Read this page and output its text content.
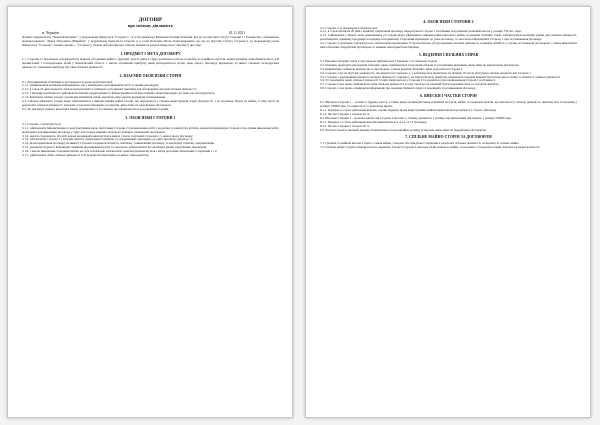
ДОГОВІР
про спільну діяльність
м. Чернігів	01.11.2021

Дочірнє підприємство "Чернігівзапсервіс", у подальшому іменується "Сторона 1", в особі директора Мамченко Розани Олегівни, яка діє на підставі Статуту Сторони 1 і Товариство з обмеженою відповідальністю "Декор Петровича (Юкрейн)", у подальшому іменується Сторона 2, в особі Кальчина Петра Олександровича, що діє на підставі Статуту Сторони 2, (в подальшому разом іменуються "Сторони", а кожна окремо – "Сторона"), уклали цей Договір про спільну діяльність (надалі іменується "Договір") про таке:

1. ПРЕДМЕТ І МЕТА ДОГОВОРУ

1.1. Сторони за Договором зобов'язуються шляхом об'єднання майна і трудових зусиль діяти в сфері дозвільної роботи, розробки та надійного вугілля, користуванням і виробництва його для промислових і господарських цілей у Чернігівській області, з метою отримання прибутку, який розподіляється згідно умов даного Договору, відповідно до вимог спільної господарської діяльності, отримання прибутку від такої спільної діяльності.

2. ВЗАЄМНІ ОБОВ'ЯЗКИ СТОРІН

2.1. Для виконання обов'язків за Договором Сторони зобов'язуються:

2.1.1. обмінюватися взаємною інформацією, що є необхідною для виконання робіт за даним договором;

2.1.2. в строк 10 днів провести спільні консультації та семінари з узгодженої тематики для обговорення деталей спільної діяльності;

2.1.3. у випадку необхідності здійснювати взаємне кредитування та фінансування на безвідсотковій основі відповідно до умов, що погоджуються;

2.1.4. визначати спільні заходи з реалізації намічених цілей, надавати один одному відповідні повноваження.

2.2. Спільна діяльність Сторін може здійснюватися з використанням майна Сторін, що передається у спільне користування згідно Додатку № 1 до Договору. Права на майно, в тому числі на результати спільної діяльності, належать Сторонам відповідно до внесків, якщо інше не передбачено Договором.

2.3. До Договору можуть вноситися зміни, доповнення та уточнення, що оформлюються додатковими угодами.

3. ОБОВ'ЯЗКИ СТОРОНИ 1

3.1. Сторона 1 зобов'язується:

3.1.1. здійснювати інформування та консультування щодо підготовки Сторони 2 для виконання робіт з розробки та видобутку вугілля, надавати інформацію Стороні 2 про умови виконання робіт, необхідних для виконання Договору, у тому числі щодо наявних запасів на ділянках, визначених Договором;

3.1.2. надати сторонам по 10 робіт кожна на використання вугілля в межах сторін, залучених Сторони 2, у межах цього Договору;

3.1.3. забезпечити Сторону 2 у власних коштах спеціальною технікою та обладнанням, відповідно до умов Договору (Додаток 1);

3.1.4. після підписання Договору на вимогу Сторони 2 надавати звітність, пов'язану з виконанням Договору, та необхідну технічну документацію.

3.1.5. надавати Стороні 2 відповідне сприяння при виконанні робіт та своєчасно забезпечувати всі необхідні умови, передбачені Договором;

3.1.6. з метою виконання сторонами взятих на себе зобов'язань забезпечити транспортування вугілля з місць розробки, визначених Сторонами 1 і 2;

3.1.7. здійснювати облік спільної діяльності та її результатів відповідно до вимог законодавства.

4. ОБОВ'ЯЗКИ СТОРОНИ 2

4.1. Сторона 2 за Договором зобов'язується:

4.1.1. в строк протягом 20 днів з моменту підписання Договору перерахувати Стороні 1 платіжним дорученням грошовий внесок у розмірі 750 тис. євро.

4.1.2. здійснювати у межах своїх повноважень усі заходи щодо ефективного використання внесеного майна та ведення спільних справ, забезпечувати необхідні умови для спільної діяльності, реалізовувати отриману продукцію в порядку, погодженому Сторонами відповідно до умов Договору, та своєчасно інформувати Сторону 1 про хід виконання Договору.

4.2. Сторона 2 додатково зобов'язується: забезпечити перевезення та бухгалтерське обслуговування спільної діяльності, надавати звітність у строки, встановлені Договором, а також виконувати інші обов'язки, передбачені Договором та чинним законодавством України.

5. ВЕДЕННЯ СПІЛЬНИХ СПРАВ

5.1. Ведення спільних справ за Договором здійснюється Стороною 2 за спільною згодою.

5.2. Рішення, необхідні для ведення спільних справ, приймаються Сторонами спільно за узгодженим рішенням, якщо інше не передбачено Договором.

5.3. Керівництво спільною діяльністю за Договором, а також ведення спільних справ доручається Стороні 2.

5.4. Сторона 2 діє на підставі довіреності, що видається Стороною 1, і зобов'язується щомісячно не пізніше 10 числа наступного місяця надавати звіт Стороні 1.

5.5. Сторони з урахуванням предмета спільної діяльності, зокрема у частині розподілу прибутку, визначають порядок ведення бухгалтерського обліку та звітності спільної діяльності.

5.6. Усі документи щодо спільної діяльності Сторін зберігаються у Сторони 2 та надаються для ознайомлення Стороні 1 на її вимогу.

5.7. Сторона 2 має право здійснювати облік спільної діяльності, в тому числі вести окремий бухгалтерський облік та складати звітність.

5.8. Сторона 1 має право отримувати інформацію про ведення спільних справ та перевіряти стан виконання Договору.

6. ВНЕСКИ І ЧАСТКИ СТОРІН

6.1. Внеском Сторони 1 – особиста трудова участь, а також право на використання технічних ресурсів, майна та грошових коштів, що вносяться у спільну діяльність, визначається Сторонами у розмірі 150000 євро та оцінюється у грошовому виразі.

6.1.1. Порядок та строк здійснення внесків, строки передачі права користування майном визначаються розділом 3.1.2 цього Договору.

6.1.2. Частка Сторони 1 складає 50 %.

6.2. Внеском Сторони 2 – грошові кошти, які Сторона 2 вносить у спільну діяльність у розмірі, що визначений Договором, у розмірі 150000 євро.

6.2.1. Порядок та строк здійснення внесків визначаються п. 4.1.2–4.1.3 Договору.

6.2.2. Частка Сторони 2 складає 50 %.

6.3. Частки Сторін в спільній діяльності визначаються пропорційно розміру їх внесків, якщо інше не передбачено Договором.

7. СПІЛЬНЕ МАЙНО СТОРІН ЗА ДОГОВОРОМ

7.1. Грошові та майнові внески Сторін, а також майно, створене або придбане Сторонами в результаті спільної діяльності, складають їх спільне майно.

7.2. Спільне майно Сторін обліковується на окремому балансі Сторони 2, яка веде облік спільного майна, та належить Сторонам на праві спільної часткової власності.
